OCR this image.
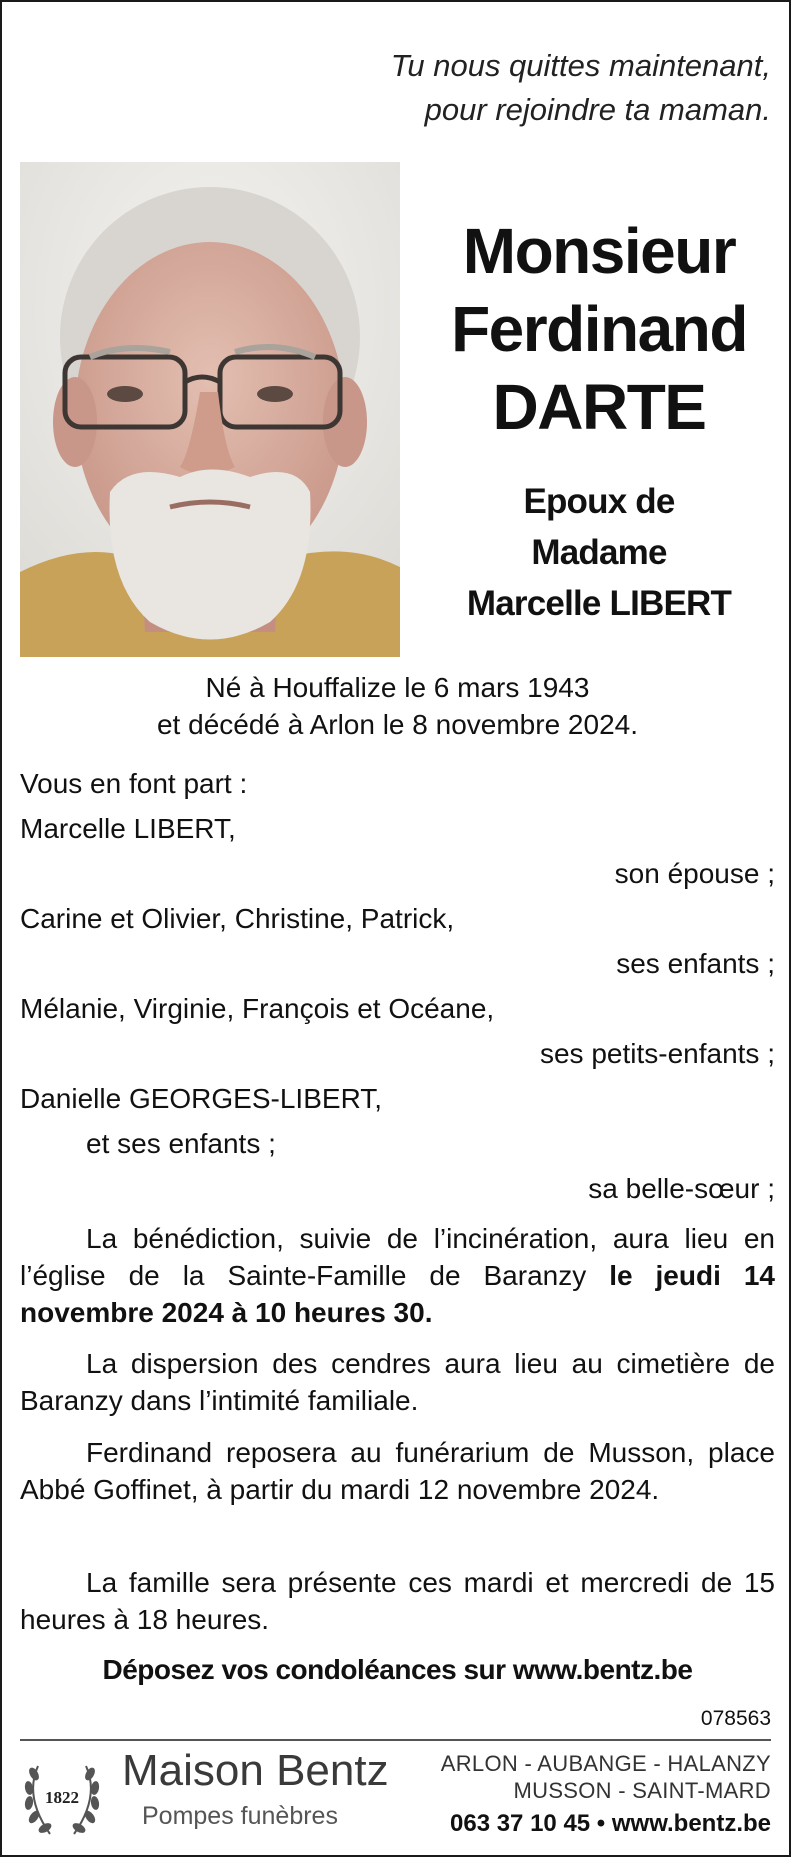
Tu nous quittes maintenant,
pour rejoindre ta maman.
Monsieur
Ferdinand
DARTE
Epoux de
Madame
Marcelle LIBERT
Né à Houffalize le 6 mars 1943
et décédé à Arlon le 8 novembre 2024.
Vous en font part :
Marcelle LIBERT,
son épouse ;
Carine et Olivier, Christine, Patrick,
ses enfants ;
Mélanie, Virginie, François et Océane,
ses petits-enfants ;
Danielle GEORGES-LIBERT,
et ses enfants ;
sa belle-sœur ;
La bénédiction, suivie de l’incinération, aura lieu en l’église de la Sainte-Famille de Baranzy le jeudi 14 novembre 2024 à 10 heures 30.
La dispersion des cendres aura lieu au cimetière de Baranzy dans l’intimité familiale.
Ferdinand reposera au funérarium de Musson, place Abbé Goffinet, à partir du mardi 12 novembre 2024.
La famille sera présente ces mardi et mercredi de 15 heures à 18 heures.
Déposez vos condoléances sur www.bentz.be
078563
1822
Maison Bentz
Pompes funèbres
ARLON - AUBANGE - HALANZY
MUSSON - SAINT-MARD
063 37 10 45 • www.bentz.be
